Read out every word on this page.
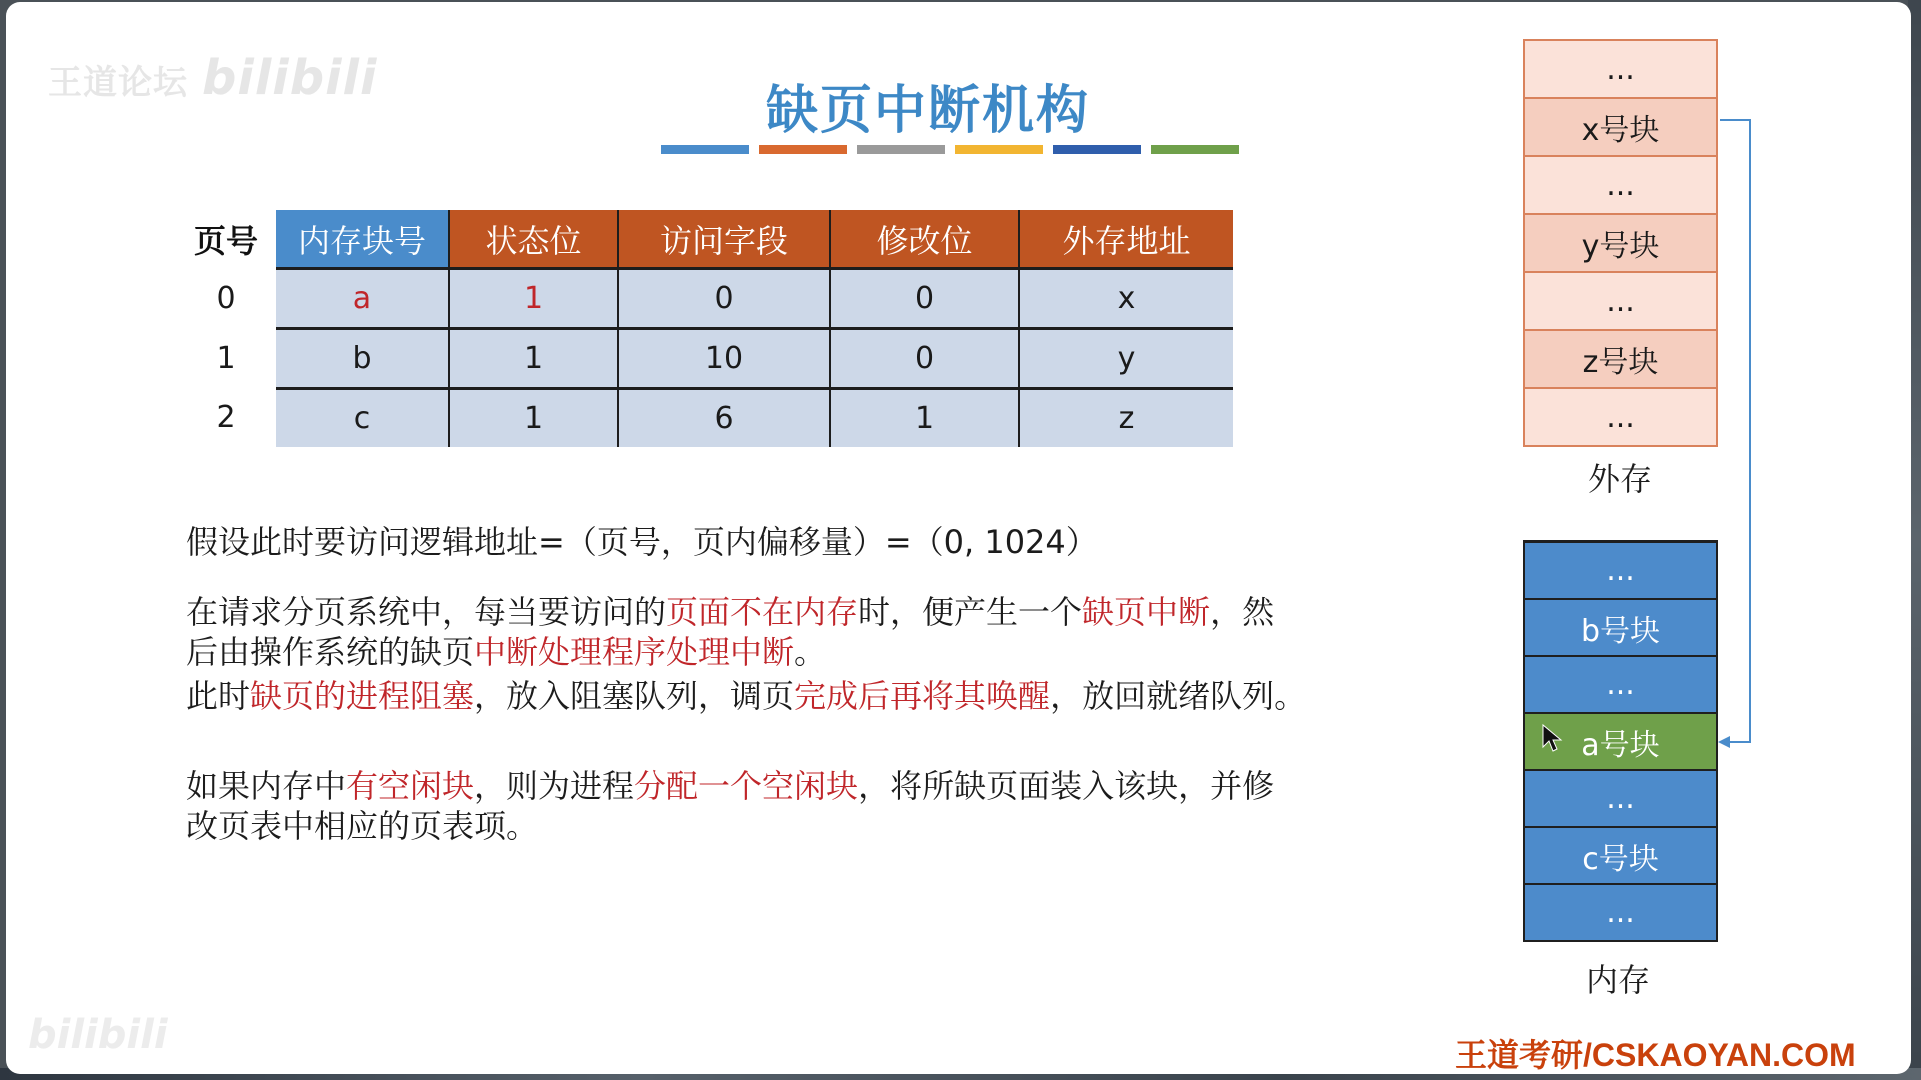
王道论坛 bilibili
bilibili
缺页中断机构
页号	内存块号	状态位	访问字段	修改位	外存地址
0	a	1	0	0	x
1	b	1	10	0	y
2	c	1	6	1	z
假设此时要访问逻辑地址=（页号，页内偏移量）=（0, 1024）
在请求分页系统中，每当要访问的页面不在内存时，便产生一个缺页中断，然
后由操作系统的缺页中断处理程序处理中断。
此时缺页的进程阻塞，放入阻塞队列，调页完成后再将其唤醒，放回就绪队列。
如果内存中有空闲块，则为进程分配一个空闲块，将所缺页面装入该块，并修
改页表中相应的页表项。
...
x号块
...
y号块
...
z号块
...
外存
...
b号块
...
a号块
...
c号块
...
内存
王道考研/CSKAOYAN.COM
